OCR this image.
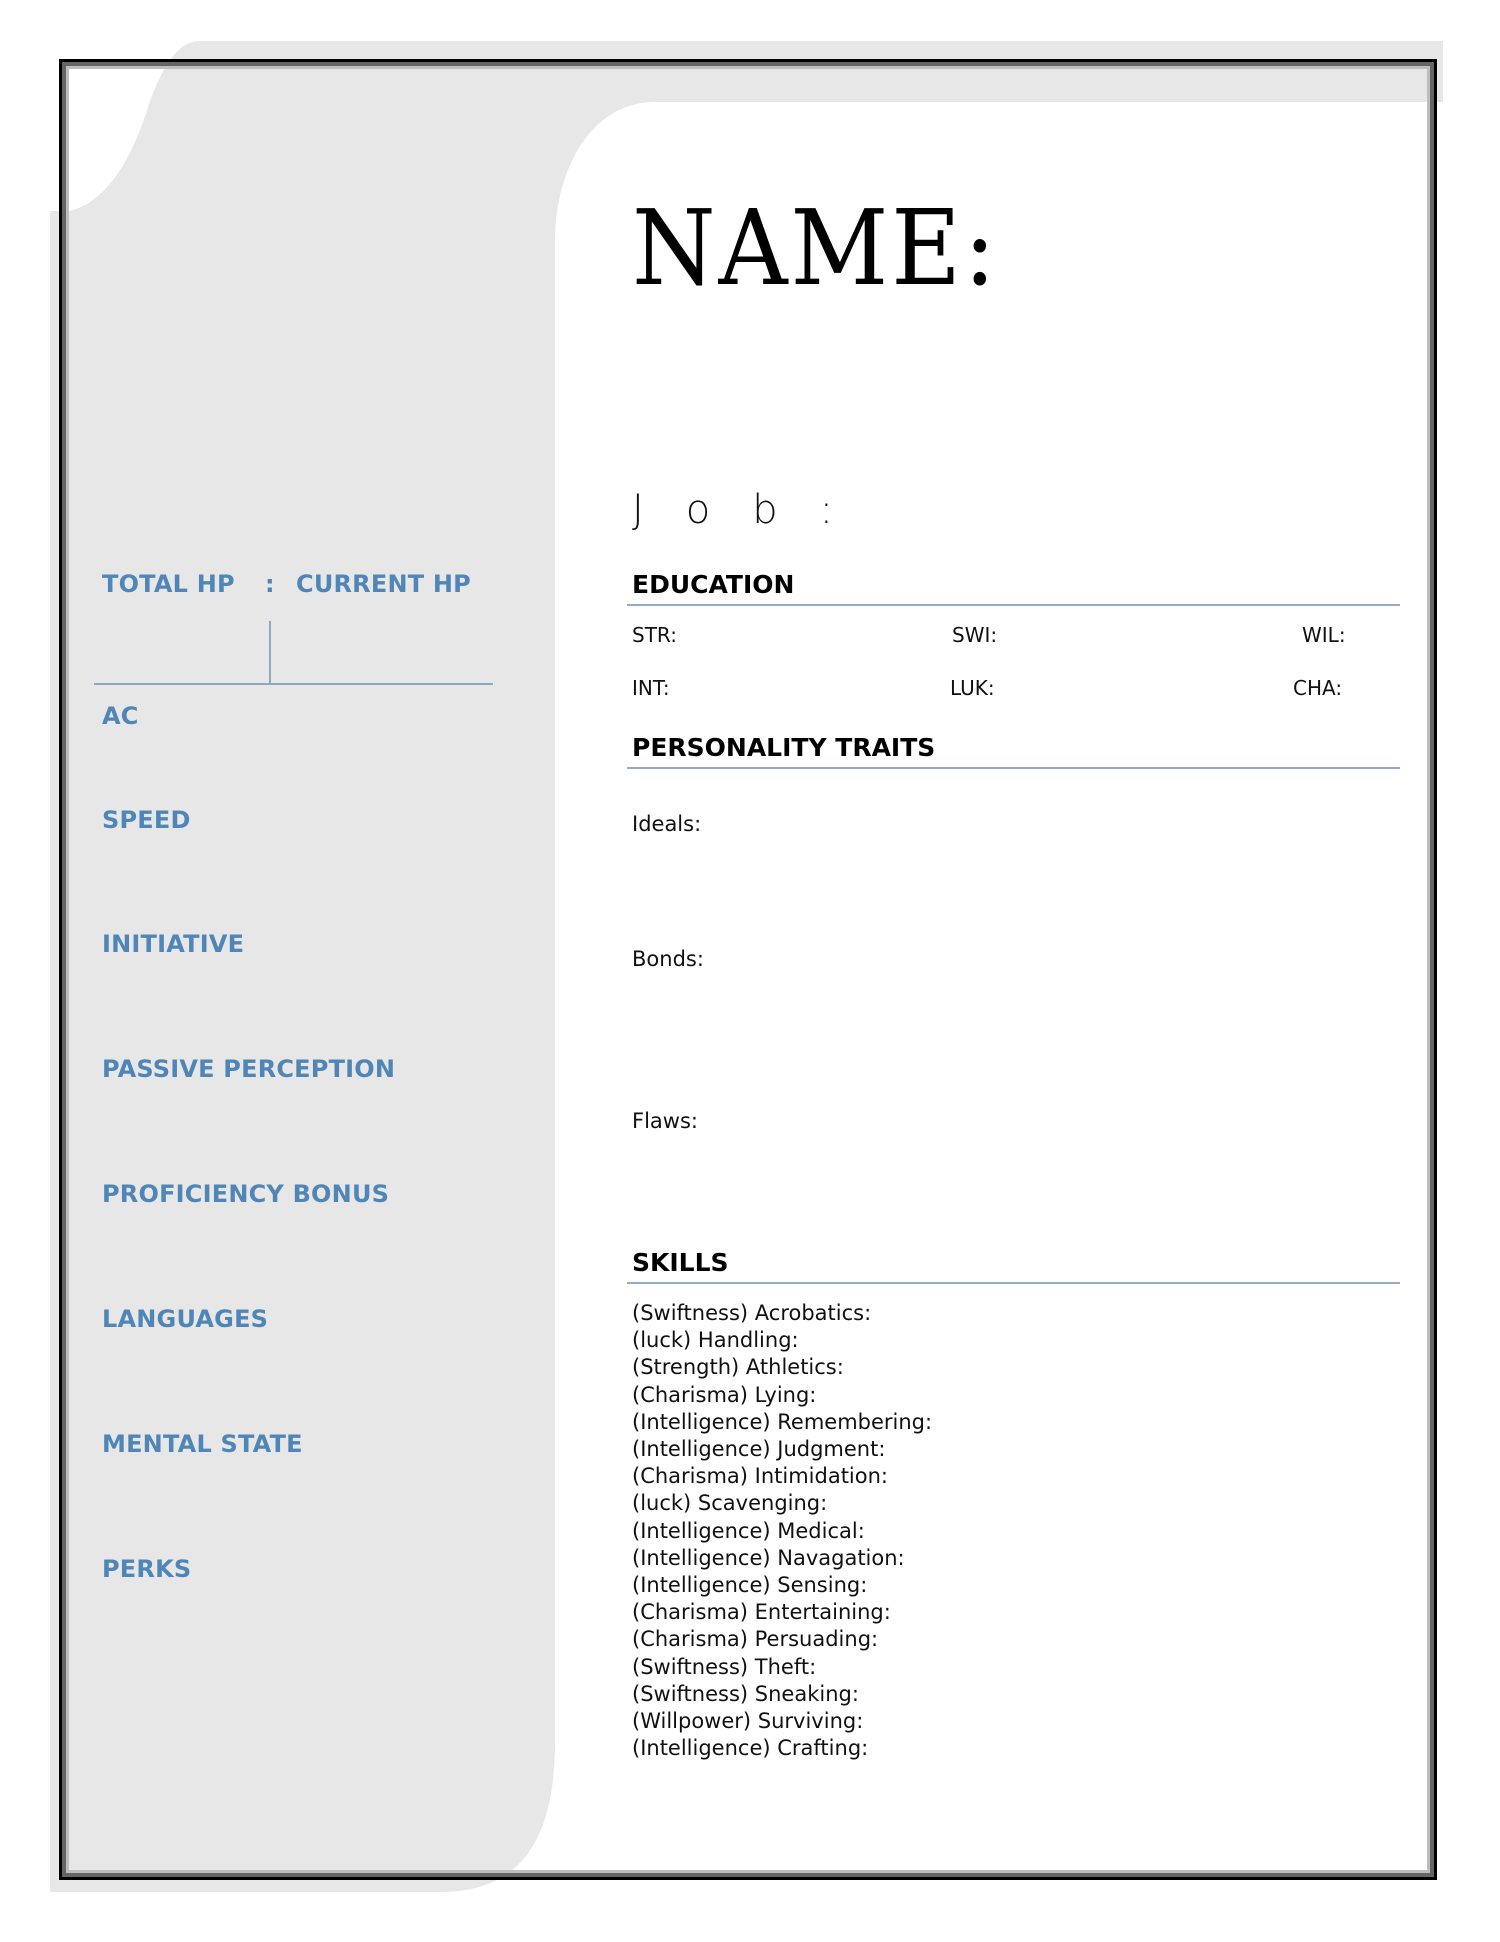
NAME:
Job:
TOTAL HP : CURRENT HP
AC
SPEED
INITIATIVE
PASSIVE PERCEPTION
PROFICIENCY BONUS
LANGUAGES
MENTAL STATE
PERKS
EDUCATION
STR:	SWI:	WIL:
INT:	LUK:	CHA:
PERSONALITY TRAITS
Ideals:
Bonds:
Flaws:
SKILLS
(Swiftness) Acrobatics:
(luck) Handling:
(Strength) Athletics:
(Charisma) Lying:
(Intelligence) Remembering:
(Intelligence) Judgment:
(Charisma) Intimidation:
(luck) Scavenging:
(Intelligence) Medical:
(Intelligence) Navagation:
(Intelligence) Sensing:
(Charisma) Entertaining:
(Charisma) Persuading:
(Swiftness) Theft:
(Swiftness) Sneaking:
(Willpower) Surviving:
(Intelligence) Crafting:
